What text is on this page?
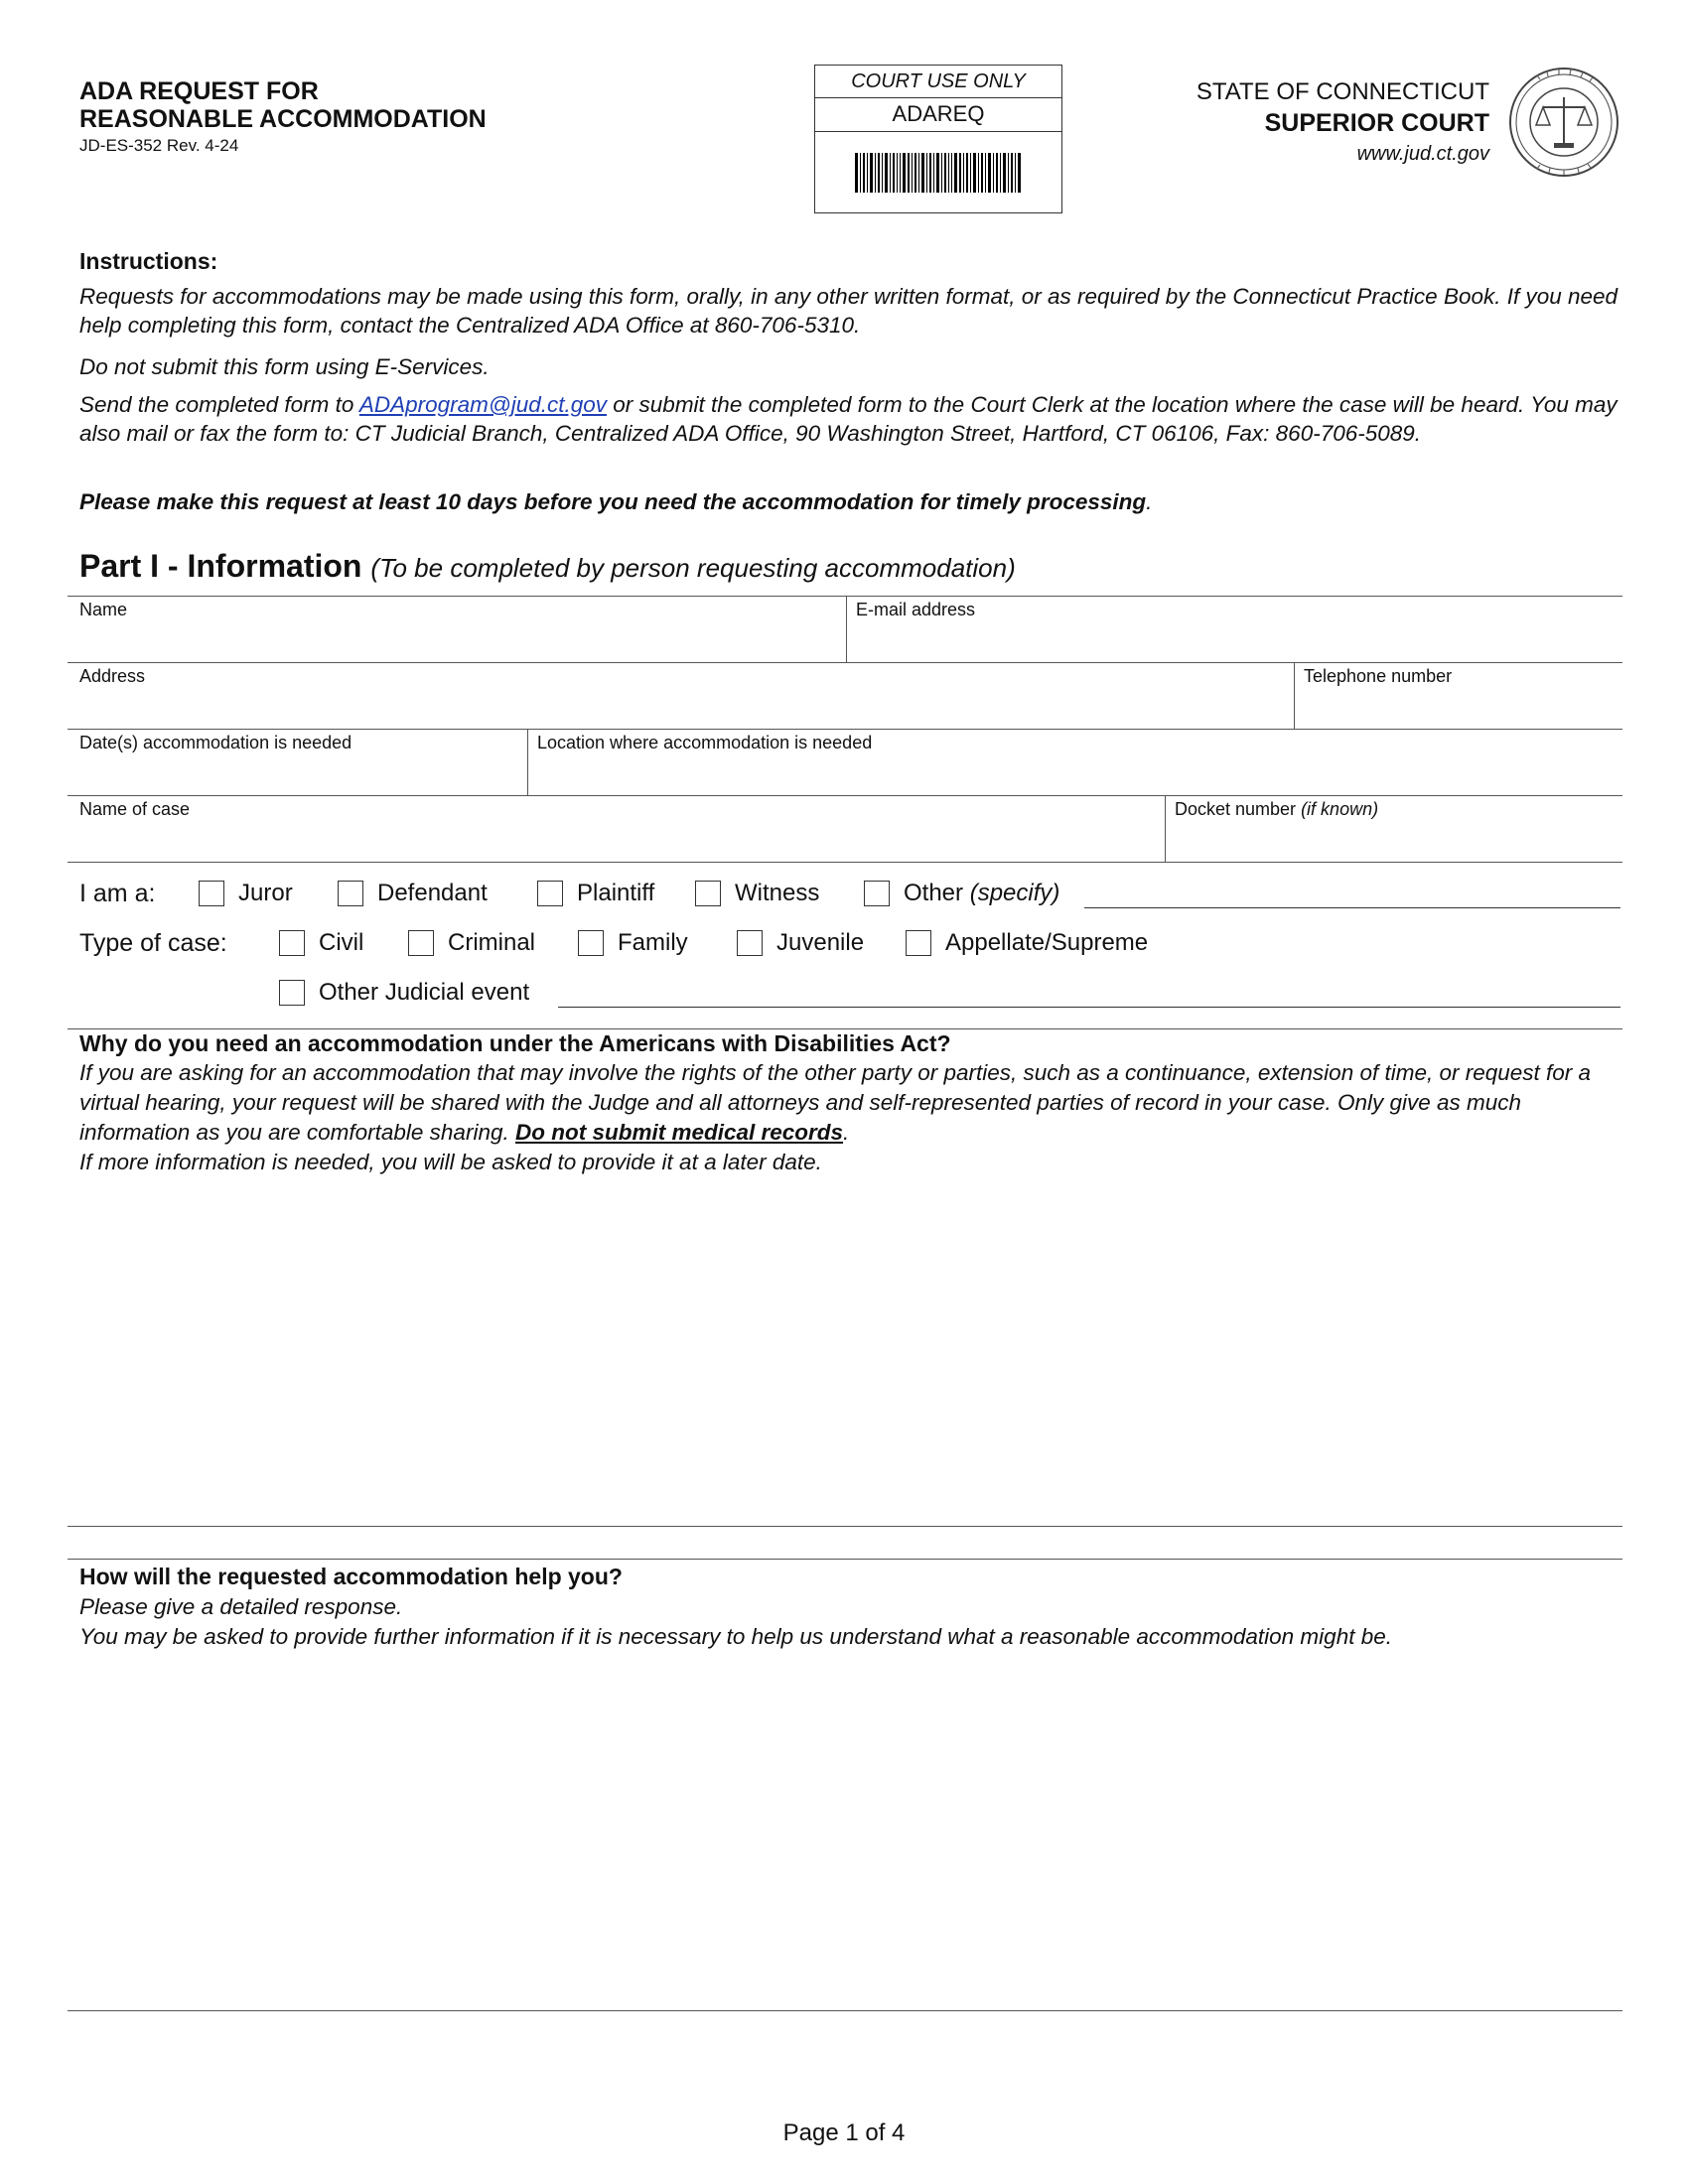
ADA REQUEST FOR
REASONABLE ACCOMMODATION
JD-ES-352 Rev. 4-24
COURT USE ONLY
ADAREQ
STATE OF CONNECTICUT
SUPERIOR COURT
www.jud.ct.gov
Instructions:
Requests for accommodations may be made using this form, orally, in any other written format, or as required by the Connecticut Practice Book. If you need help completing this form, contact the Centralized ADA Office at 860-706-5310.
Do not submit this form using E-Services.
Send the completed form to ADAprogram@jud.ct.gov or submit the completed form to the Court Clerk at the location where the case will be heard. You may also mail or fax the form to: CT Judicial Branch, Centralized ADA Office, 90 Washington Street, Hartford, CT 06106, Fax: 860-706-5089.
Please make this request at least 10 days before you need the accommodation for timely processing.
Part I - Information (To be completed by person requesting accommodation)
Name	E-mail address
Address	Telephone number
Date(s) accommodation is needed	Location where accommodation is needed
Name of case	Docket number (if known)
I am a:	Juror	Defendant	Plaintiff	Witness	Other (specify)
Type of case:	Civil	Criminal	Family	Juvenile	Appellate/Supreme
Other Judicial event
Why do you need an accommodation under the Americans with Disabilities Act?
If you are asking for an accommodation that may involve the rights of the other party or parties, such as a continuance, extension of time, or request for a virtual hearing, your request will be shared with the Judge and all attorneys and self-represented parties of record in your case. Only give as much information as you are comfortable sharing. Do not submit medical records.
If more information is needed, you will be asked to provide it at a later date.
How will the requested accommodation help you?
Please give a detailed response.
You may be asked to provide further information if it is necessary to help us understand what a reasonable accommodation might be.
Page 1 of 4
